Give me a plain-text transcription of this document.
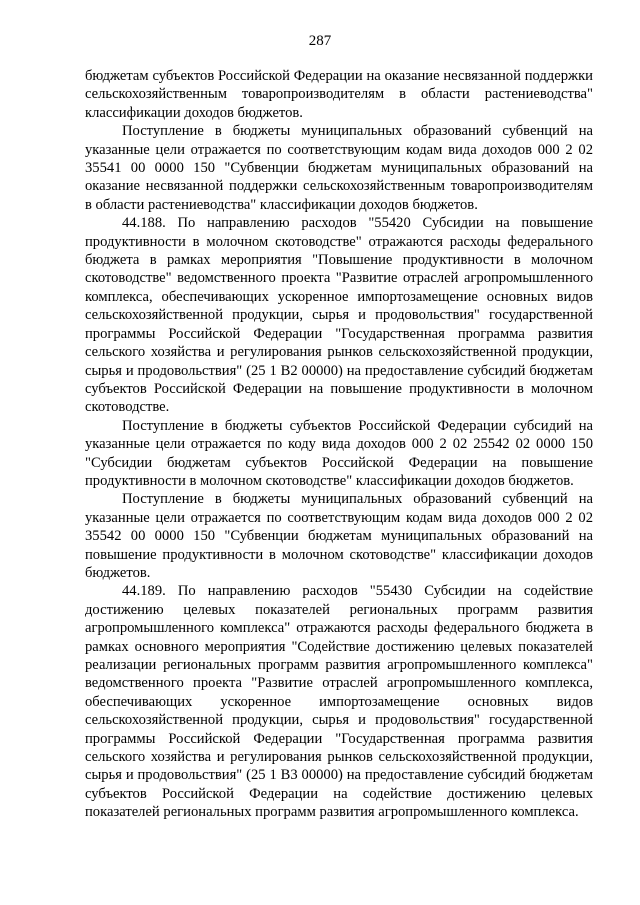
287

бюджетам субъектов Российской Федерации на оказание несвязанной поддержки сельскохозяйственным товаропроизводителям в области растениеводства" классификации доходов бюджетов.

Поступление в бюджеты муниципальных образований субвенций на указанные цели отражается по соответствующим кодам вида доходов 000 2 02 35541 00 0000 150 "Субвенции бюджетам муниципальных образований на оказание несвязанной поддержки сельскохозяйственным товаропроизводителям в области растениеводства" классификации доходов бюджетов.

44.188. По направлению расходов "55420 Субсидии на повышение продуктивности в молочном скотоводстве" отражаются расходы федерального бюджета в рамках мероприятия "Повышение продуктивности в молочном скотоводстве" ведомственного проекта "Развитие отраслей агропромышленного комплекса, обеспечивающих ускоренное импортозамещение основных видов сельскохозяйственной продукции, сырья и продовольствия" государственной программы Российской Федерации "Государственная программа развития сельского хозяйства и регулирования рынков сельскохозяйственной продукции, сырья и продовольствия" (25 1 В2 00000) на предоставление субсидий бюджетам субъектов Российской Федерации на повышение продуктивности в молочном скотоводстве.

Поступление в бюджеты субъектов Российской Федерации субсидий на указанные цели отражается по коду вида доходов 000 2 02 25542 02 0000 150 "Субсидии бюджетам субъектов Российской Федерации на повышение продуктивности в молочном скотоводстве" классификации доходов бюджетов.

Поступление в бюджеты муниципальных образований субвенций на указанные цели отражается по соответствующим кодам вида доходов 000 2 02 35542 00 0000 150 "Субвенции бюджетам муниципальных образований на повышение продуктивности в молочном скотоводстве" классификации доходов бюджетов.

44.189. По направлению расходов "55430 Субсидии на содействие достижению целевых показателей региональных программ развития агропромышленного комплекса" отражаются расходы федерального бюджета в рамках основного мероприятия "Содействие достижению целевых показателей реализации региональных программ развития агропромышленного комплекса" ведомственного проекта "Развитие отраслей агропромышленного комплекса, обеспечивающих ускоренное импортозамещение основных видов сельскохозяйственной продукции, сырья и продовольствия" государственной программы Российской Федерации "Государственная программа развития сельского хозяйства и регулирования рынков сельскохозяйственной продукции, сырья и продовольствия" (25 1 В3 00000) на предоставление субсидий бюджетам субъектов Российской Федерации на содействие достижению целевых показателей региональных программ развития агропромышленного комплекса.
